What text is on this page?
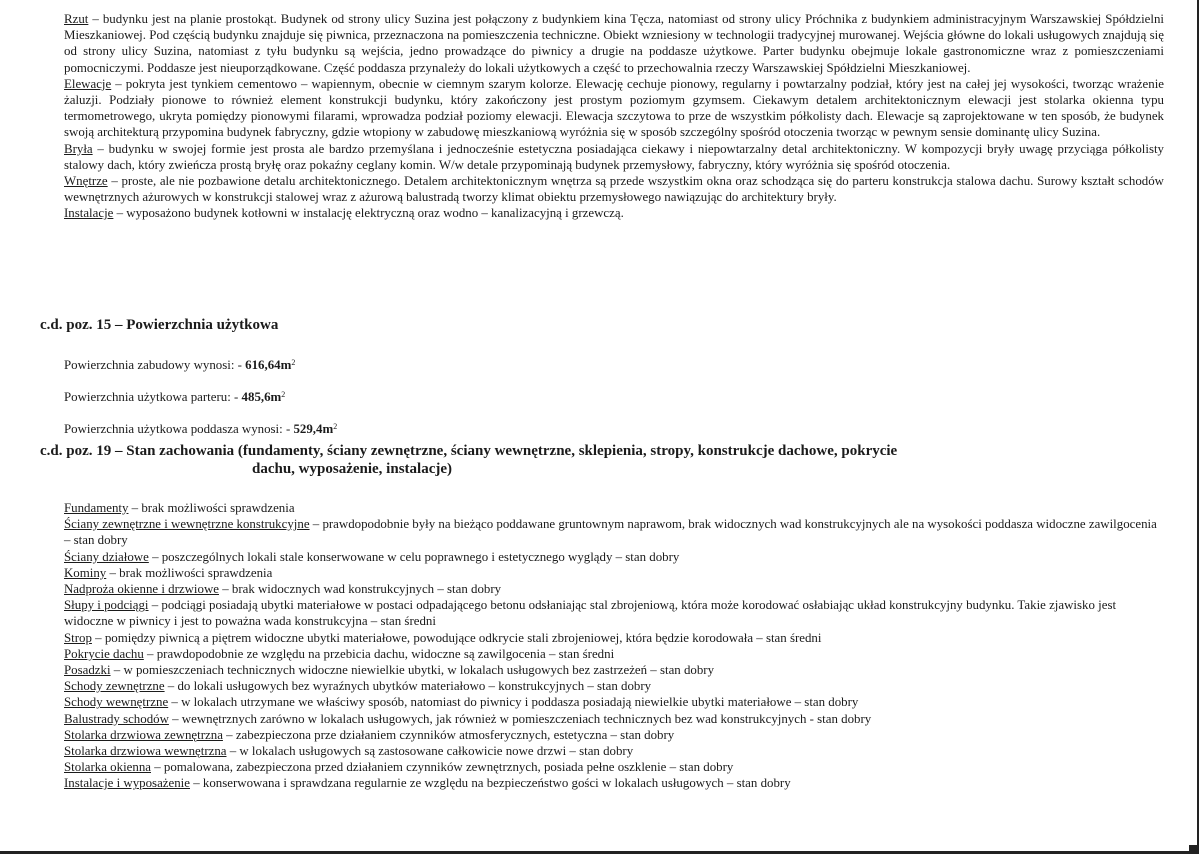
Rzut – budynku jest na planie prostokąt. Budynek od strony ulicy Suzina jest połączony z budynkiem kina Tęcza, natomiast od strony ulicy Próchnika z budynkiem administracyjnym Warszawskiej Spółdzielni Mieszkaniowej. Pod częścią budynku znajduje się piwnica, przeznaczona na pomieszczenia techniczne. Obiekt wzniesiony w technologii tradycyjnej murowanej. Wejścia główne do lokali usługowych znajdują się od strony ulicy Suzina, natomiast z tyłu budynku są wejścia, jedno prowadzące do piwnicy a drugie na poddasze użytkowe. Parter budynku obejmuje lokale gastronomiczne wraz z pomieszczeniami pomocniczymi. Poddasze jest nieuporządkowane. Część poddasza przynależy do lokali użytkowych a część to przechowalnia rzeczy Warszawskiej Spółdzielni Mieszkaniowej.

Elewacje – pokryta jest tynkiem cementowo – wapiennym, obecnie w ciemnym szarym kolorze. Elewację cechuje pionowy, regularny i powtarzalny podział, który jest na całej jej wysokości, tworząc wrażenie żaluzji. Podziały pionowe to również element konstrukcji budynku, który zakończony jest prostym poziomym gzymsem. Ciekawym detalem architektonicznym elewacji jest stolarka okienna typu termometrowego, ukryta pomiędzy pionowymi filarami, wprowadza podział poziomy elewacji. Elewacja szczytowa to prze de wszystkim półkolisty dach. Elewacje są zaprojektowane w ten sposób, że budynek swoją architekturą przypomina budynek fabryczny, gdzie wtopiony w zabudowę mieszkaniową wyróżnia się w sposób szczególny spośród otoczenia tworząc w pewnym sensie dominantę ulicy Suzina.

Bryła – budynku w swojej formie jest prosta ale bardzo przemyślana i jednocześnie estetyczna posiadająca ciekawy i niepowtarzalny detal architektoniczny. W kompozycji bryły uwagę przyciąga półkolisty stalowy dach, który zwieńcza prostą bryłę oraz pokaźny ceglany komin. W/w detale przypominają budynek przemysłowy, fabryczny, który wyróżnia się spośród otoczenia.

Wnętrze – proste, ale nie pozbawione detalu architektonicznego. Detalem architektonicznym wnętrza są przede wszystkim okna oraz schodząca się do parteru konstrukcja stalowa dachu. Surowy kształt schodów wewnętrznych ażurowych w konstrukcji stalowej wraz z ażurową balustradą tworzy klimat obiektu przemysłowego nawiązując do architektury bryły.

Instalacje – wyposażono budynek kotłowni w instalację elektryczną oraz wodno – kanalizacyjną i grzewczą.

c.d. poz. 15 – Powierzchnia użytkowa
Powierzchnia zabudowy wynosi: - $616,64m^2$
Powierzchnia użytkowa parteru: - $485,6m^2$
Powierzchnia użytkowa poddasza wynosi: - $529,4m^2$
c.d. poz. 19 – Stan zachowania (fundamenty, ściany zewnętrzne, ściany wewnętrzne, sklepienia, stropy, konstrukcje dachowe, pokrycie
dachu, wyposażenie, instalacje)

Fundamenty – brak możliwości sprawdzenia

Ściany zewnętrzne i wewnętrzne konstrukcyjne – prawdopodobnie były na bieżąco poddawane gruntownym naprawom, brak widocznych wad konstrukcyjnych ale na wysokości poddasza widoczne zawilgocenia – stan dobry

Ściany działowe – poszczególnych lokali stale konserwowane w celu poprawnego i estetycznego wyglądy – stan dobry

Kominy – brak możliwości sprawdzenia

Nadproża okienne i drzwiowe – brak widocznych wad konstrukcyjnych – stan dobry

Słupy i podciągi – podciągi posiadają ubytki materiałowe w postaci odpadającego betonu odsłaniając stal zbrojeniową, która może korodować osłabiając układ konstrukcyjny budynku. Takie zjawisko jest widoczne w piwnicy i jest to poważna wada konstrukcyjna – stan średni

Strop – pomiędzy piwnicą a piętrem widoczne ubytki materiałowe, powodujące odkrycie stali zbrojeniowej, która będzie korodowała – stan średni

Pokrycie dachu – prawdopodobnie ze względu na przebicia dachu, widoczne są zawilgocenia – stan średni

Posadzki – w pomieszczeniach technicznych widoczne niewielkie ubytki, w lokalach usługowych bez zastrzeżeń – stan dobry

Schody zewnętrzne – do lokali usługowych bez wyraźnych ubytków materiałowo – konstrukcyjnych – stan dobry

Schody wewnętrzne – w lokalach utrzymane we właściwy sposób, natomiast do piwnicy i poddasza posiadają niewielkie ubytki materiałowe – stan dobry

Balustrady schodów – wewnętrznych zarówno w lokalach usługowych, jak również w pomieszczeniach technicznych bez wad konstrukcyjnych - stan dobry

Stolarka drzwiowa zewnętrzna – zabezpieczona prze działaniem czynników atmosferycznych, estetyczna – stan dobry

Stolarka drzwiowa wewnętrzna – w lokalach usługowych są zastosowane całkowicie nowe drzwi – stan dobry

Stolarka okienna – pomalowana, zabezpieczona przed działaniem czynników zewnętrznych, posiada pełne oszklenie – stan dobry

Instalacje i wyposażenie – konserwowana i sprawdzana regularnie ze względu na bezpieczeństwo gości w lokalach usługowych – stan dobry
